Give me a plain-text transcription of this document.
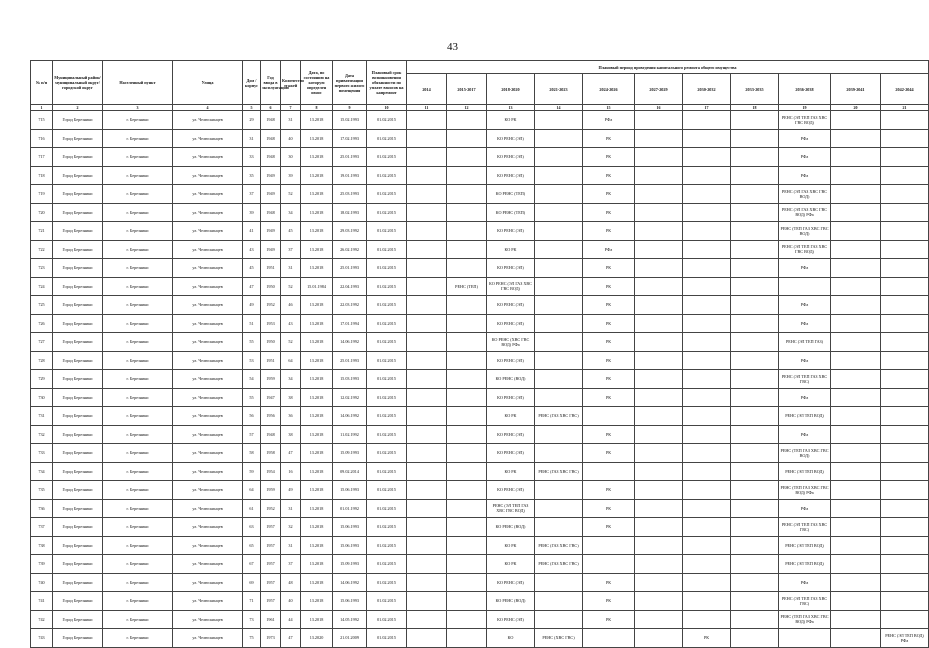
43
№ п/п	Муниципальный район/ муниципальный округ/городской округ	Населенный пункт	Улица	Дом / корпус	Год ввода в эксплуатацию	Количество этажей	Дата, по состоянию на которую определен износ	Дата приватизации первого жилого помещения	Плановый срок возникновения обязанности по уплате взносов на капремонт	Плановый период проведения капитального ремонта общего имущества										
										2014	2015-2017	2018-2020	2021-2023	2024-2026	2027-2029	2030-2032	2033-2035	2036-2038	2039-2041	2042-2044
1	2	3	4	5	6	7	8	9	10	11	12	13	14	15	16	17	18	19	20	21
715	Город Березники	г. Березники	ул. Челюскинцев	29	1948	31	13.2018	15.02.1993	01.02.2015			КО РК		РФа				РЕНС (ЭЛ ТЕП ГАЗ ХВС ГВС ВОД)		
716	Город Березники	г. Березники	ул. Челюскинцев	31	1948	40	13.2018	17.02.1993	01.02.2015			КО РЕНС (ЭЛ)		РК				РФа		
717	Город Березники	г. Березники	ул. Челюскинцев	33	1948	30	13.2018	25.01.1993	01.02.2015			КО РЕНС (ЭЛ)		РК				РФа		
718	Город Березники	г. Березники	ул. Челюскинцев	35	1949	39	13.2018	19.01.1993	01.02.2015			КО РЕНС (ЭЛ)		РК				РФа		
719	Город Березники	г. Березники	ул. Челюскинцев	37	1949	52	13.2018	25.03.1993	01.02.2015			КО РЕНС (ТЕП)		РК				РЕНС (ЭЛ ГАЗ ХВС ГВС ВОД)		
720	Город Березники	г. Березники	ул. Челюскинцев	39	1948	34	13.2018	18.02.1993	01.02.2015			КО РЕНС (ТЕП)		РК				РЕНС (ЭЛ ГАЗ ХВС ГВС ВОД) РФа		
721	Город Березники	г. Березники	ул. Челюскинцев	41	1949	45	13.2018	29.03.1992	01.02.2015			КО РЕНС (ЭЛ)		РК				РЕНС (ТЕП ГАЗ ХВС ГВС ВОД)		
722	Город Березники	г. Березники	ул. Челюскинцев	43	1949	37	13.2018	26.02.1992	01.02.2015			КО РК		РФа				РЕНС (ЭЛ ТЕП ГАЗ ХВС ГВС ВОД)		
723	Город Березники	г. Березники	ул. Челюскинцев	45	1951	31	13.2018	25.01.1993	01.02.2015			КО РЕНС (ЭЛ)		РК				РФа		
724	Город Березники	г. Березники	ул. Челюскинцев	47	1950	52	15.01.1984	22.04.1993	01.02.2015		РЕНС (ТЕП)	КО РЕНС (ЭЛ ГАЗ ХВС ГВС ВОД)		РК						
725	Город Березники	г. Березники	ул. Челюскинцев	49	1952	46	13.2018	22.03.1992	01.02.2015			КО РЕНС (ЭЛ)		РК				РФа		
726	Город Березники	г. Березники	ул. Челюскинцев	51	1953	43	13.2018	17.01.1994	01.02.2015			КО РЕНС (ЭЛ)		РК				РФа		
727	Город Березники	г. Березники	ул. Челюскинцев	55	1950	52	13.2018	14.06.1992	01.02.2015			КО РЕНС (ХВС ГВС ВОД) РФа		РК				РЕНС (ЭЛ ТЕП ГАЗ)		
728	Город Березники	г. Березники	ул. Челюскинцев	53	1951	64	13.2018	25.01.1993	01.02.2015			КО РЕНС (ЭЛ)		РК				РФа		
729	Город Березники	г. Березники	ул. Челюскинцев	54	1959	34	13.2018	15.03.1993	01.02.2015			КО РЕНС (ВОД)		РК				РЕНС (ЭЛ ТЕП ГАЗ ХВС ГВС)		
730	Город Березники	г. Березники	ул. Челюскинцев	55	1947	38	13.2018	12.02.1992	01.02.2015			КО РЕНС (ЭЛ)		РК				РФа		
731	Город Березники	г. Березники	ул. Челюскинцев	56	1956	36	13.2018	14.06.1992	01.02.2015			КО РК	РЕНС (ГАЗ ХВС ГВС)					РЕНС (ЭЛ ТЕП ВОД)		
732	Город Березники	г. Березники	ул. Челюскинцев	57	1948	38	13.2018	11.02.1992	01.02.2015			КО РЕНС (ЭЛ)		РК				РФа		
733	Город Березники	г. Березники	ул. Челюскинцев	58	1958	47	13.2018	15.09.1993	01.02.2015			КО РЕНС (ЭЛ)		РК				РЕНС (ТЕП ГАЗ ХВС ГВС ВОД)		
734	Город Березники	г. Березники	ул. Челюскинцев	59	1954	16	13.2018	09.02.2014	01.02.2015			КО РК	РЕНС (ГАЗ ХВС ГВС)					РЕНС (ЭЛ ТЕП ВОД)		
735	Город Березники	г. Березники	ул. Челюскинцев	64	1959	49	13.2018	15.06.1993	01.02.2015			КО РЕНС (ЭЛ)		РК				РЕНС (ТЕП ГАЗ ХВС ГВС ВОД) РФа		
736	Город Березники	г. Березники	ул. Челюскинцев	61	1952	31	13.2018	01.01.1992	01.02.2015			РЕНС (ЭЛ ТЕП ГАЗ ХВС ГВС ВОД)		РК				РФа		
737	Город Березники	г. Березники	ул. Челюскинцев	63	1957	32	13.2018	15.06.1993	01.02.2015			КО РЕНС (ВОД)		РК				РЕНС (ЭЛ ТЕП ГАЗ ХВС ГВС)		
738	Город Березники	г. Березники	ул. Челюскинцев	65	1957	31	13.2018	15.06.1993	01.02.2015			КО РК	РЕНС (ГАЗ ХВС ГВС)					РЕНС (ЭЛ ТЕП ВОД)		
739	Город Березники	г. Березники	ул. Челюскинцев	67	1957	37	13.2018	15.09.1993	01.02.2015			КО РК	РЕНС (ГАЗ ХВС ГВС)					РЕНС (ЭЛ ТЕП ВОД)		
740	Город Березники	г. Березники	ул. Челюскинцев	69	1957	48	13.2018	14.06.1992	01.02.2015			КО РЕНС (ЭЛ)		РК				РФа		
741	Город Березники	г. Березники	ул. Челюскинцев	71	1957	40	13.2018	15.06.1993	01.02.2015			КО РЕНС (ВОД)		РК				РЕНС (ЭЛ ТЕП ГАЗ ХВС ГВС)		
742	Город Березники	г. Березники	ул. Челюскинцев	73	1961	44	13.2018	14.05.1992	01.02.2015			КО РЕНС (ЭЛ)		РК				РЕНС (ТЕП ГАЗ ХВС ГВС ВОД) РФа		
743	Город Березники	г. Березники	ул. Челюскинцев	75	1973	47	13.2020	21.01.2009	01.02.2015			КО	РЕНС (ХВС ГВС)			РК				РЕНС (ЭЛ ТЕП ВОД) РФа
